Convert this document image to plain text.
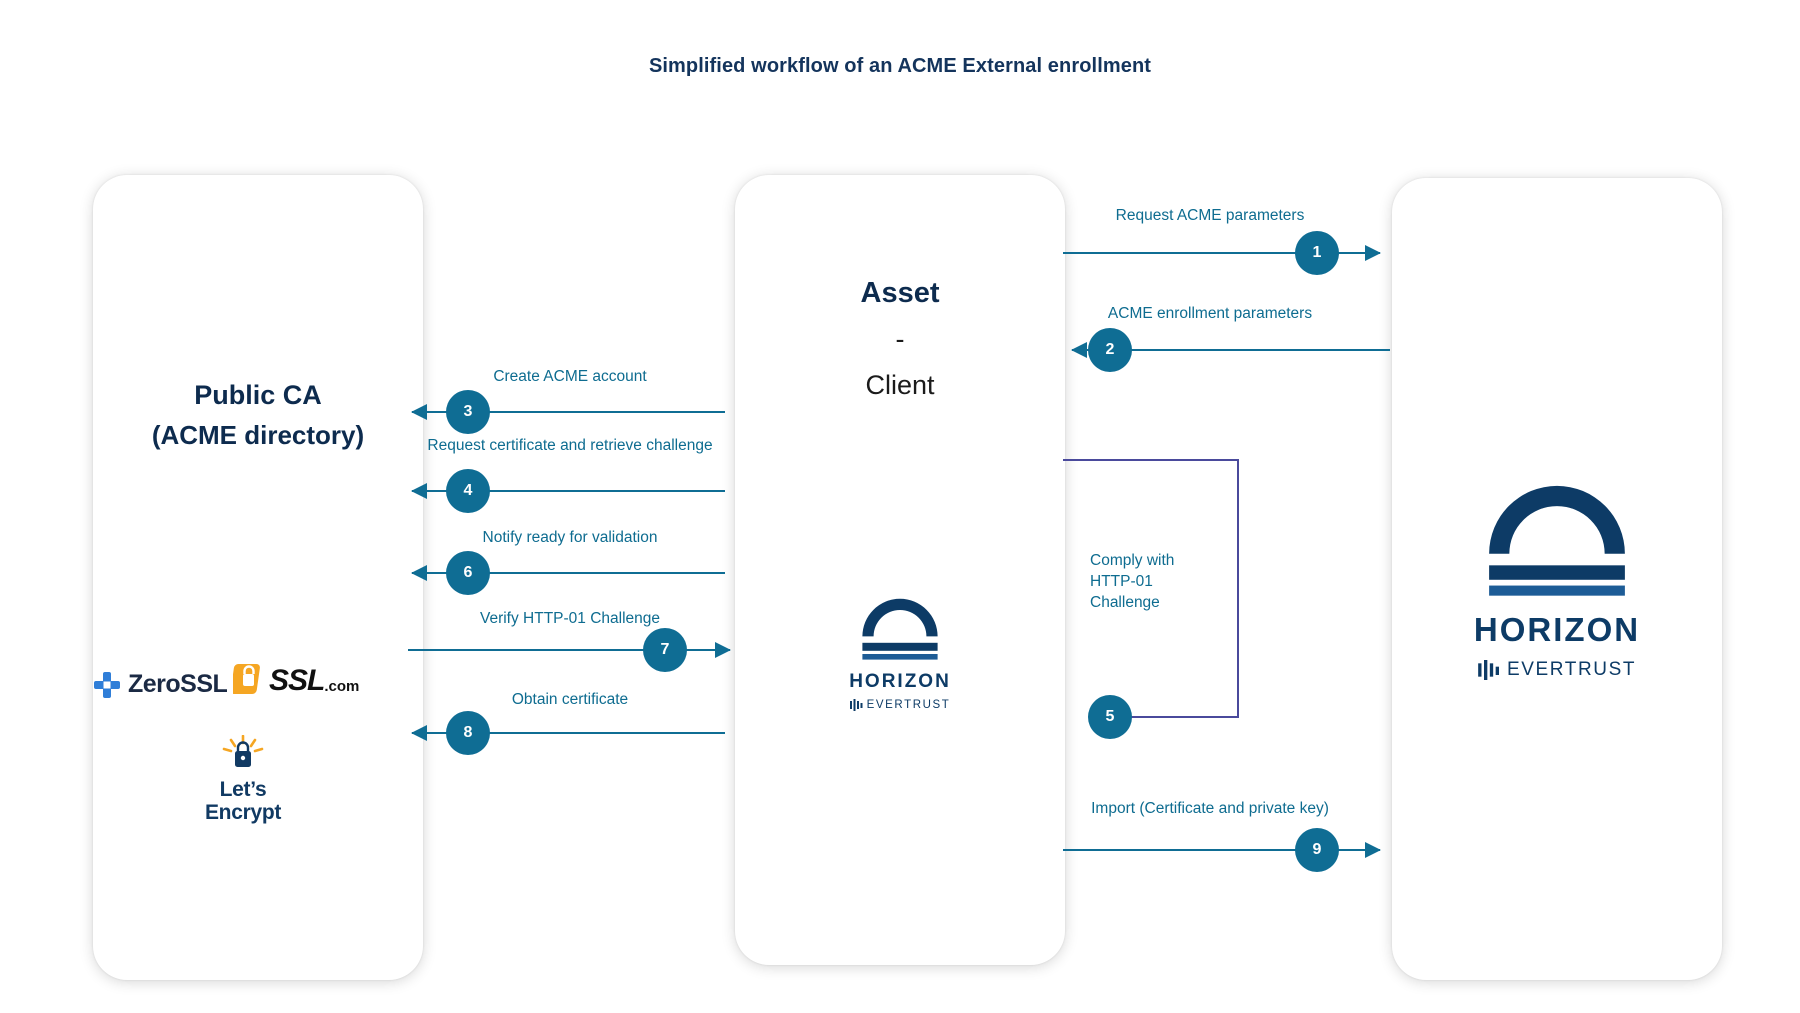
Simplified workflow of an ACME External enrollment
1
2
3
4
5
6
7
8
9
Request ACME parameters
ACME enrollment parameters
Create ACME account
Request certificate and retrieve challenge
Comply with HTTP-01 Challenge
Notify ready for validation
Verify HTTP-01 Challenge
Obtain certificate
Import (Certificate and private key)
Public CA
(ACME directory)
ZeroSSL SSL .com
Let’s
Encrypt
Asset
-
Client
HORIZON
EVERTRUST
HORIZON
EVERTRUST
